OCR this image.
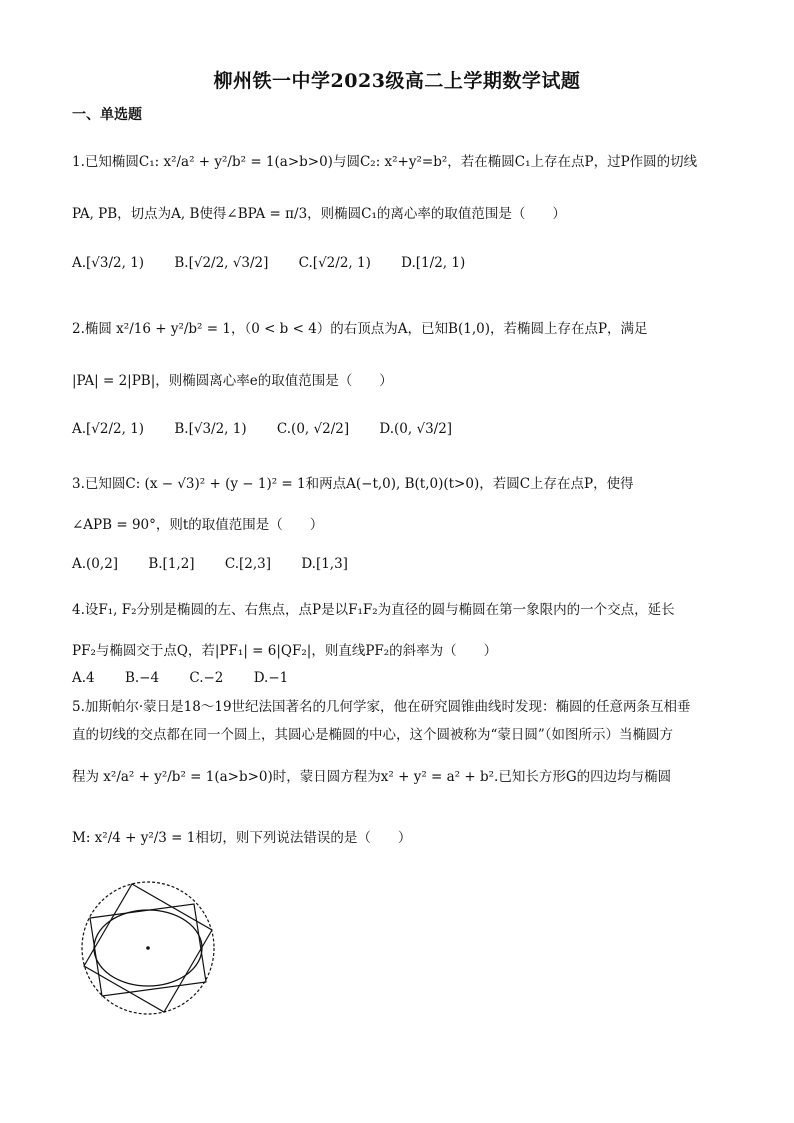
柳州铁一中学2023级高二上学期数学试题
一、单选题
1.已知椭圆C₁: x²/a² + y²/b² = 1(a>b>0)与圆C₂: x²+y²=b²，若在椭圆C₁上存在点P，过P作圆的切线
PA, PB，切点为A, B使得∠BPA = π/3，则椭圆C₁的离心率的取值范围是（　　）
A.[√3/2, 1) B.[√2/2, √3/2] C.[√2/2, 1) D.[1/2, 1)
2.椭圆 x²/16 + y²/b² = 1，（0 < b < 4）的右顶点为A，已知B(1,0)，若椭圆上存在点P，满足
|PA| = 2|PB|，则椭圆离心率e的取值范围是（　　）
A.[√2/2, 1) B.[√3/2, 1) C.(0, √2/2] D.(0, √3/2]
3.已知圆C: (x − √3)² + (y − 1)² = 1和两点A(−t,0), B(t,0)(t>0)，若圆C上存在点P，使得
∠APB = 90°，则t的取值范围是（　　）
A.(0,2] B.[1,2] C.[2,3] D.[1,3]
4.设F₁, F₂分别是椭圆的左、右焦点，点P是以F₁F₂为直径的圆与椭圆在第一象限内的一个交点，延长
PF₂与椭圆交于点Q，若|PF₁| = 6|QF₂|，则直线PF₂的斜率为（　　）
A.4 B.−4 C.−2 D.−1
5.加斯帕尔·蒙日是18～19世纪法国著名的几何学家，他在研究圆锥曲线时发现：椭圆的任意两条互相垂
直的切线的交点都在同一个圆上，其圆心是椭圆的中心，这个圆被称为“蒙日圆”（如图所示）当椭圆方
程为 x²/a² + y²/b² = 1(a>b>0)时，蒙日圆方程为x² + y² = a² + b².已知长方形G的四边均与椭圆
M: x²/4 + y²/3 = 1相切，则下列说法错误的是（　　）
